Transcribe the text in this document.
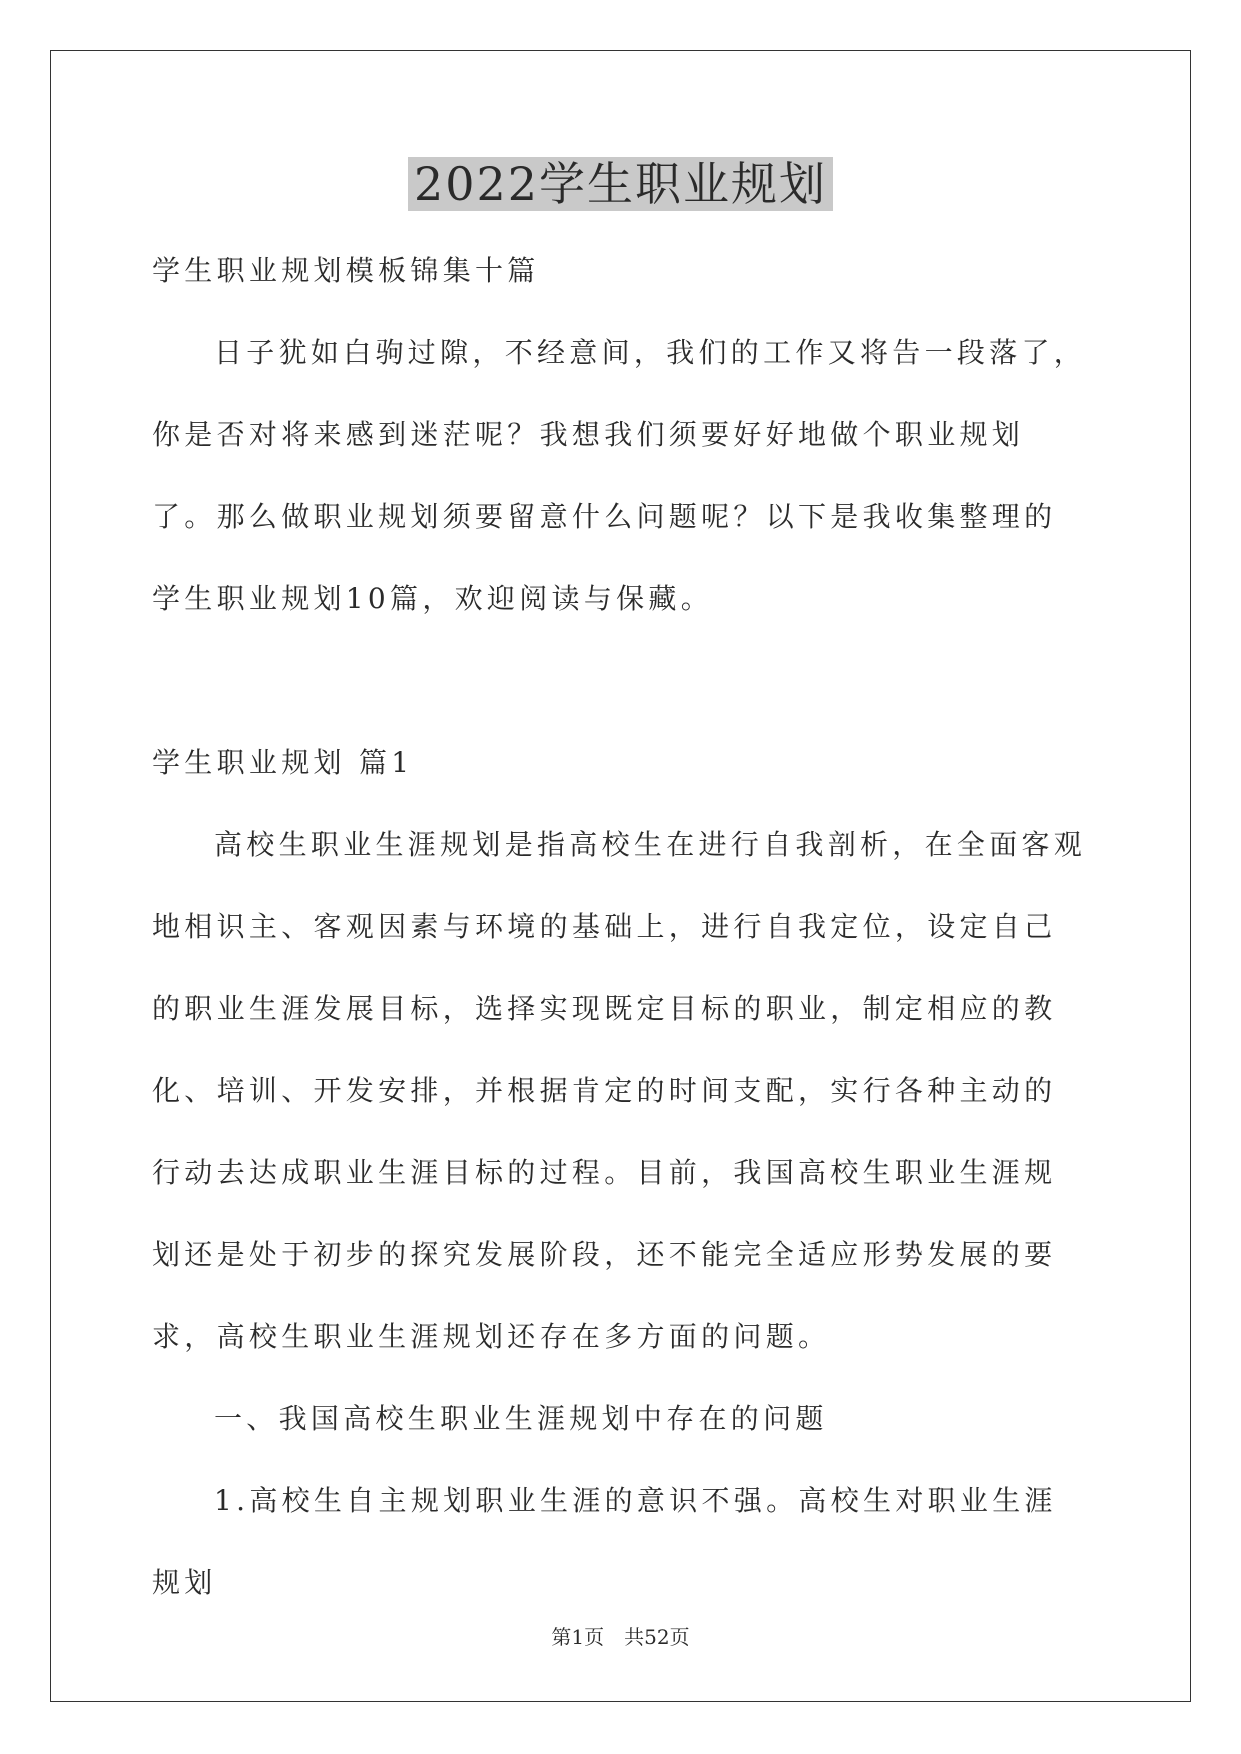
2022学生职业规划

学生职业规划模板锦集十篇

日子犹如白驹过隙，不经意间，我们的工作又将告一段落了，你是否对将来感到迷茫呢？我想我们须要好好地做个职业规划了。那么做职业规划须要留意什么问题呢？以下是我收集整理的学生职业规划10篇，欢迎阅读与保藏。

学生职业规划 篇1

高校生职业生涯规划是指高校生在进行自我剖析，在全面客观地相识主、客观因素与环境的基础上，进行自我定位，设定自己的职业生涯发展目标，选择实现既定目标的职业，制定相应的教化、培训、开发安排，并根据肯定的时间支配，实行各种主动的行动去达成职业生涯目标的过程。目前，我国高校生职业生涯规划还是处于初步的探究发展阶段，还不能完全适应形势发展的要求，高校生职业生涯规划还存在多方面的问题。

一、我国高校生职业生涯规划中存在的问题

1.高校生自主规划职业生涯的意识不强。高校生对职业生涯规划

第1页 共52页
